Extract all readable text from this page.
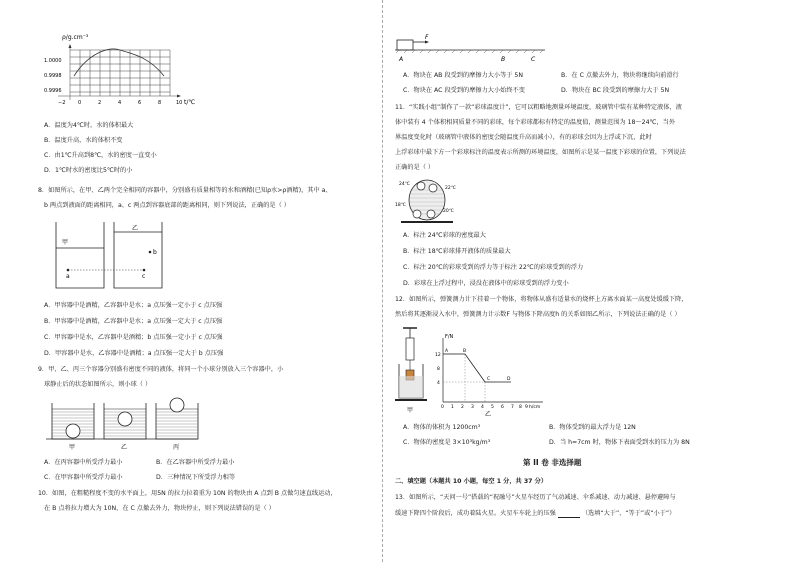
ρ/g.cm⁻³
1.0000
0.9998
0.9996
−2	0	2	4	6	8	10 t/℃
A．温度为4℃时，水的体积最大
B．温度升高，水的体积不变
C．由1℃升高到8℃，水的密度一直变小
D．1℃时水的密度比5℃时的小
8．如图所示，在甲、乙两个完全相同的容器中，分别盛有质量相等的水和酒精(已知ρ水>ρ酒精)，其中 a、
b 两点到液面的距离相同，a、c 两点到容器底部的距离相同，则下列说法，正确的是（ ）
甲
乙
a
b
c
A．甲容器中是酒精，乙容器中是水；a 点压强一定小于 c 点压强
B．甲容器中是酒精，乙容器中是水；a 点压强一定大于 c 点压强
C．甲容器中是水，乙容器中是酒精；b 点压强一定小于 c 点压强
D．甲容器中是水，乙容器中是酒精；a 点压强一定大于 b 点压强
9．甲、乙、丙三个容器分别盛有密度不同的液体，将同一个小球分别放入三个容器中，小
球静止后的状态如图所示，则小球（ ）
甲	乙	丙
A．在丙容器中所受浮力最小	B．在乙容器中所受浮力最小
C．在甲容器中所受浮力最小	D．三种情况下所受浮力相等
10．如图，在粗糙程度不变的水平面上，用5N 的拉力拉着重为 10N 的物块由 A 点到 B 点做匀速直线运动，
在 B 点将拉力增大为 10N，在 C 点撤去外力，物块停止，则下列说法错误的是（ ）
F
A	B	C
A．物块在 AB 段受到的摩擦力大小等于 5N	B．在 C 点撤去外力，物块将继续向前滑行
C．物块在 AC 段受到的摩擦力大小始终不变	D．物块在 BC 段受到的摩擦力大于 5N
11．“实践小组”制作了一款“彩球温度计”，它可以粗略地测量环境温度，玻璃管中装有某种特定液体，液
体中装有 4 个体积相同质量不同的彩球，每个彩球都标有特定的温度值，测量范围为 18～24℃，当外
界温度变化时（玻璃管中液体的密度会随温度升高而减小），有的彩球会因为上浮或下沉，此时
上浮彩球中最下方一个彩球标注的温度表示所测的环境温度，如图所示是某一温度下彩球的位置，下列说法
正确的是（ ）
24℃
22℃
18℃
20℃
A．标注 24℃彩球的密度最大
B．标注 18℃彩球排开液体的质量最大
C．标注 20℃的彩球受到的浮力等于标注 22℃的彩球受到的浮力
D．彩球在上浮过程中，浸没在液体中的彩球受到的浮力变小
12．如图所示，弹簧测力计下挂着一个物体，将物体从盛有适量水的烧杯上方离水面某一高度处缓缓下降，
然后将其逐渐浸入水中，弹簧测力计示数F 与物体下降高度h 的关系如图乙所示，下列说法正确的是（ ）
甲
F/N
h/cm
A	B
C	D
12
8
4
0 1 2 3 4 5 6 7 8 9
乙
A．物体的体积为 1200cm³	B．物体受到的最大浮力是 12N
C．物体的密度是 3×10³kg/m³	D．当 h=7cm 时，物体下表面受到水的压力为 8N
第 II 卷 非选择题
二、填空题（本题共 10 小题，每空 1 分，共 37 分）
13．如图所示，“天问一号”搭载的“祝融号”火星车经历了气动减速、伞系减速、动力减速、悬停避障与
缓速下降四个阶段后，成功着陆火星。火星车车轮上的压强	（选填“大于”、“等于”或“小于”）
